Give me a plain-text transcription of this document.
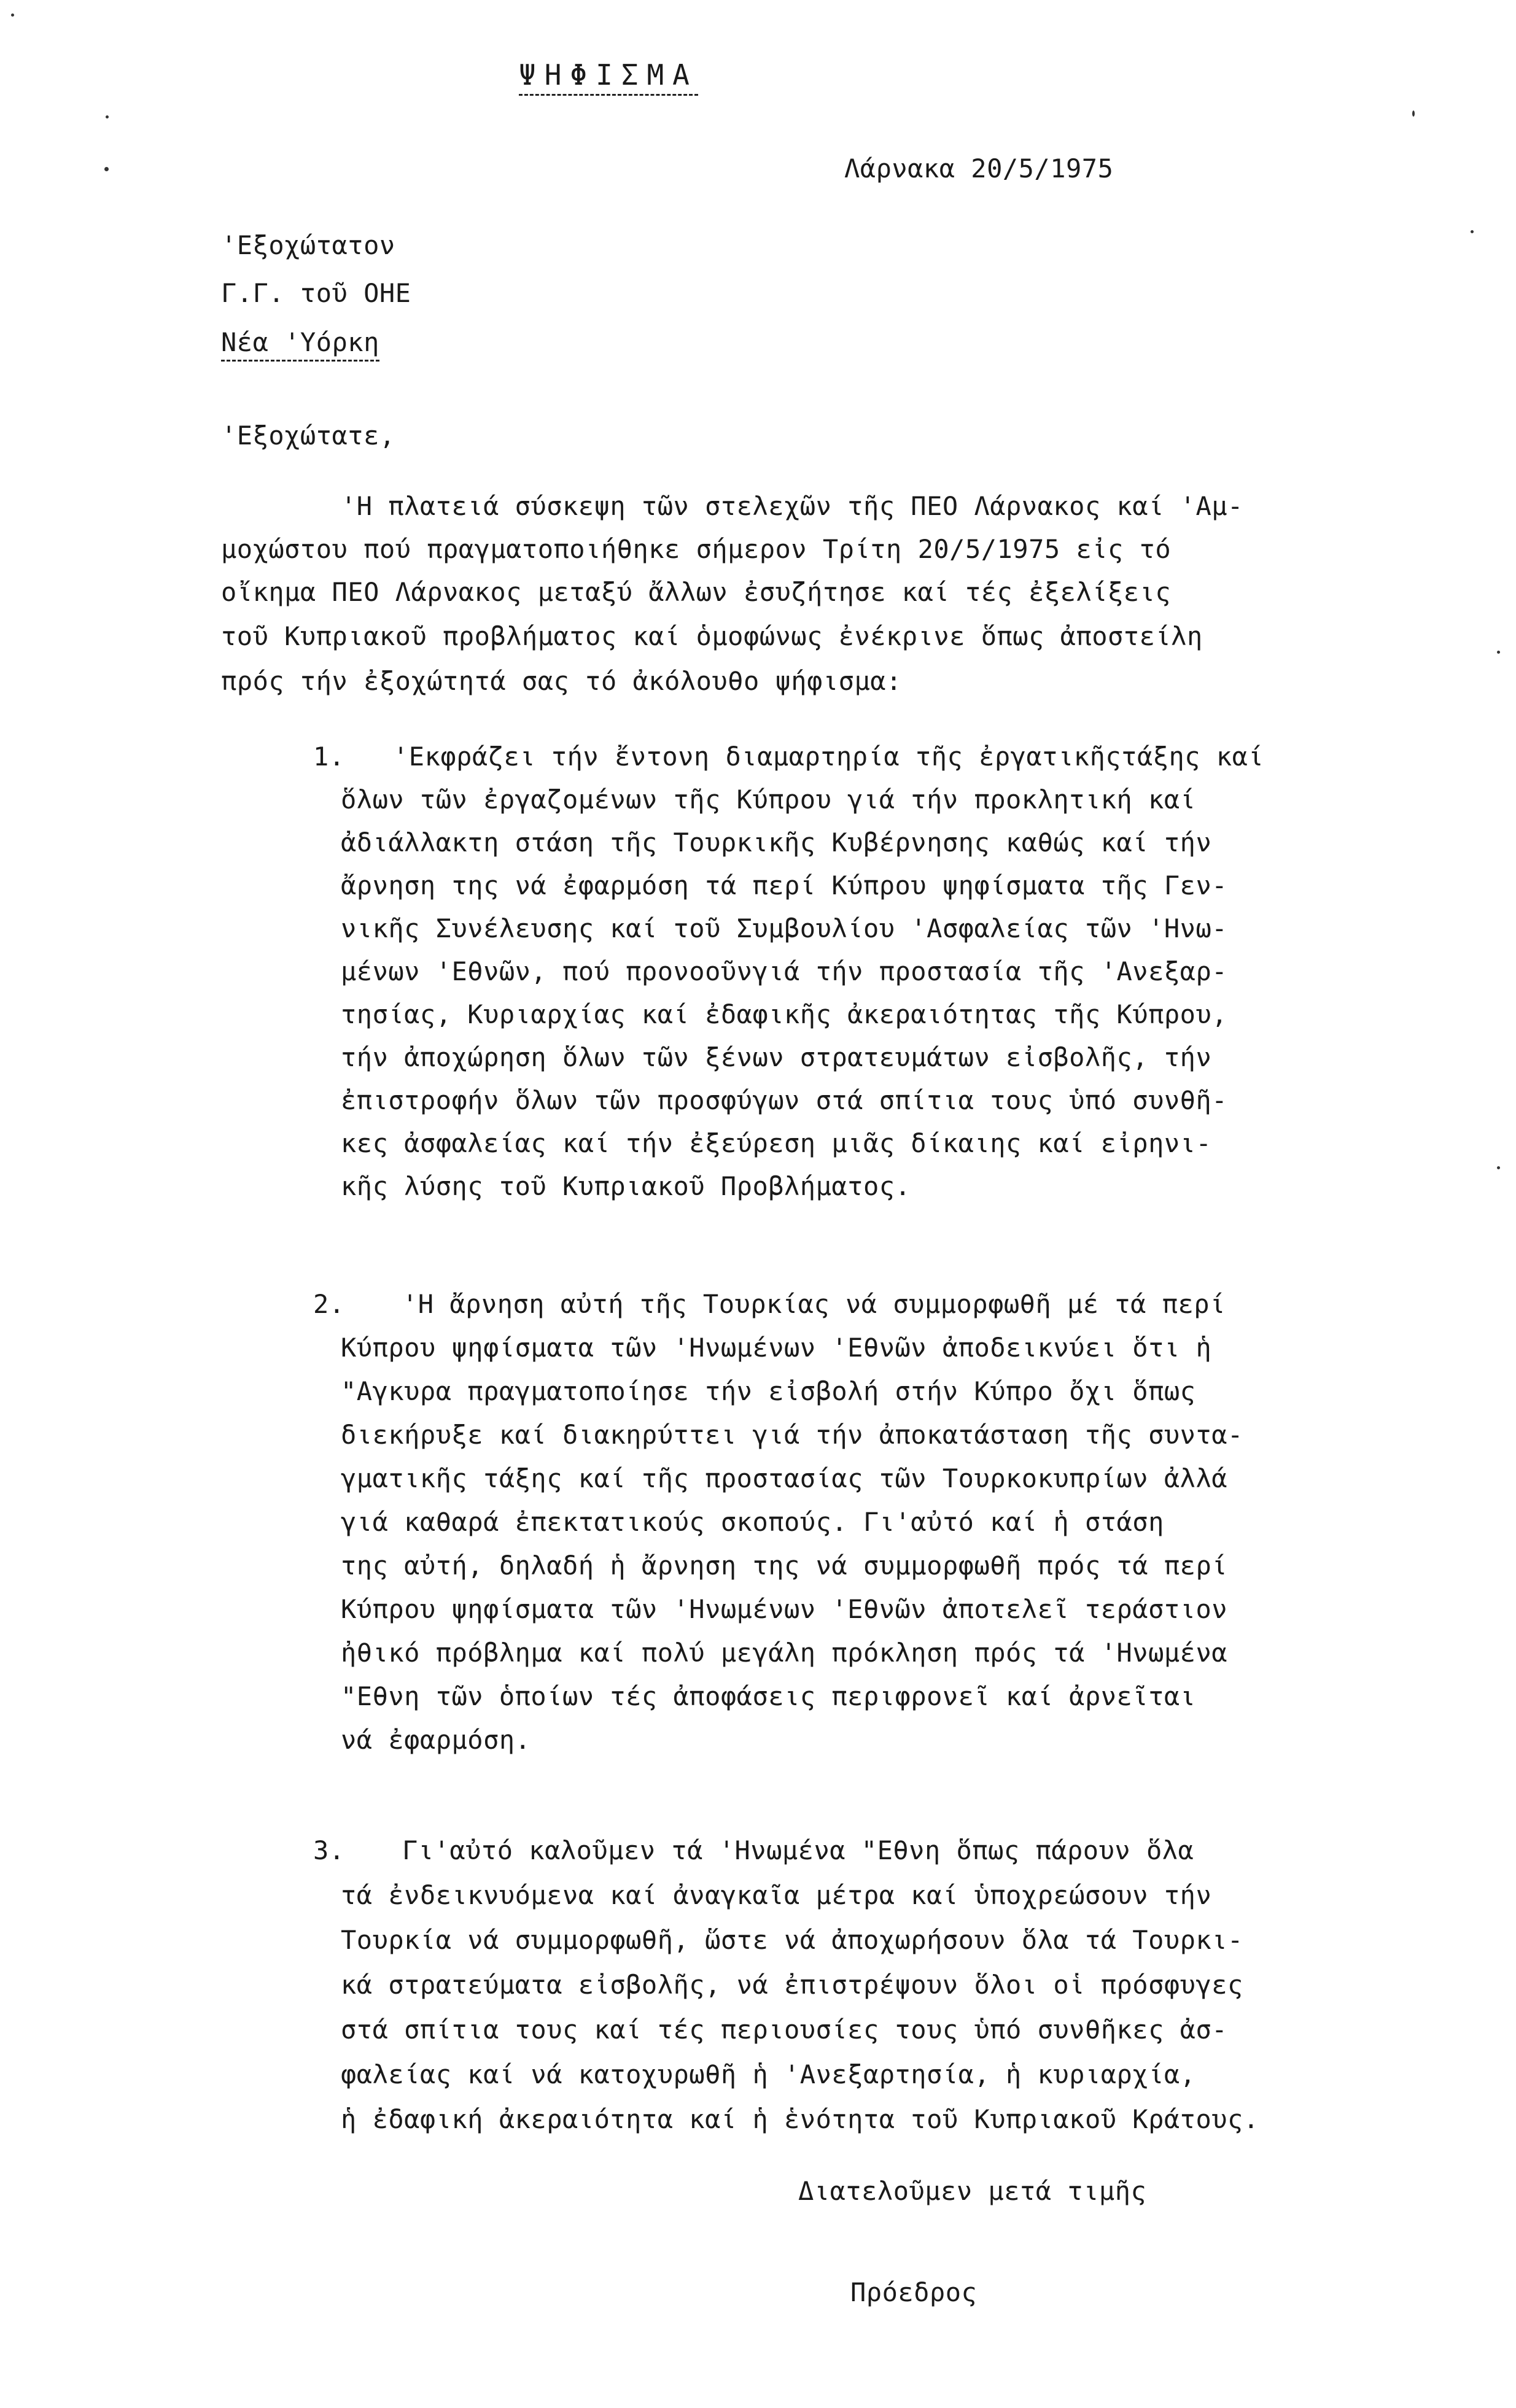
ΨΗΦΙΣΜΑ
Λάρνακα 20/5/1975
'Εξοχώτατον
Γ.Γ. τοῦ ΟΗΕ
Νέα 'Υόρκη
'Εξοχώτατε,
'Η πλατειά σύσκεψη τῶν στελεχῶν τῆς ΠΕΟ Λάρνακος καί 'Αμ-
μοχώστου πού πραγματοποιήθηκε σήμερον Τρίτη 20/5/1975 εἰς τό
οἴκημα ΠΕΟ Λάρνακος μεταξύ ἄλλων ἐσυζήτησε καί τές ἐξελίξεις
τοῦ Κυπριακοῦ προβλήματος καί ὁμοφώνως ἐνέκρινε ὅπως ἀποστείλη
πρός τήν ἐξοχώτητά σας τό ἀκόλουθο ψήφισμα:
1. 'Εκφράζει τήν ἔντονη διαμαρτηρία τῆς ἐργατικῆςτάξης καί
ὅλων τῶν ἐργαζομένων τῆς Κύπρου γιά τήν προκλητική καί
ἀδιάλλακτη στάση τῆς Τουρκικῆς Κυβέρνησης καθώς καί τήν
ἄρνηση της νά ἐφαρμόση τά περί Κύπρου ψηφίσματα τῆς Γεν-
νικῆς Συνέλευσης καί τοῦ Συμβουλίου 'Ασφαλείας τῶν 'Ηνω-
μένων 'Εθνῶν, πού προνοοῦνγιά τήν προστασία τῆς 'Ανεξαρ-
τησίας, Κυριαρχίας καί ἐδαφικῆς ἀκεραιότητας τῆς Κύπρου,
τήν ἀποχώρηση ὅλων τῶν ξένων στρατευμάτων εἰσβολῆς, τήν
ἐπιστροφήν ὅλων τῶν προσφύγων στά σπίτια τους ὑπό συνθῆ-
κες ἀσφαλείας καί τήν ἐξεύρεση μιᾶς δίκαιης καί εἰρηνι-
κῆς λύσης τοῦ Κυπριακοῦ Προβλήματος.
2. 'Η ἄρνηση αὐτή τῆς Τουρκίας νά συμμορφωθῆ μέ τά περί
Κύπρου ψηφίσματα τῶν 'Ηνωμένων 'Εθνῶν ἀποδεικνύει ὅτι ἡ
"Αγκυρα πραγματοποίησε τήν εἰσβολή στήν Κύπρο ὄχι ὅπως
διεκήρυξε καί διακηρύττει γιά τήν ἀποκατάσταση τῆς συντα-
γματικῆς τάξης καί τῆς προστασίας τῶν Τουρκοκυπρίων ἀλλά
γιά καθαρά ἐπεκτατικούς σκοπούς. Γι'αὐτό καί ἡ στάση
της αὐτή, δηλαδή ἡ ἄρνηση της νά συμμορφωθῆ πρός τά περί
Κύπρου ψηφίσματα τῶν 'Ηνωμένων 'Εθνῶν ἀποτελεῖ τεράστιον
ἠθικό πρόβλημα καί πολύ μεγάλη πρόκληση πρός τά 'Ηνωμένα
"Εθνη τῶν ὁποίων τές ἀποφάσεις περιφρονεῖ καί ἀρνεῖται
νά ἐφαρμόση.
3. Γι'αὐτό καλοῦμεν τά 'Ηνωμένα "Εθνη ὅπως πάρουν ὅλα
τά ἐνδεικνυόμενα καί ἀναγκαῖα μέτρα καί ὑποχρεώσουν τήν
Τουρκία νά συμμορφωθῆ, ὥστε νά ἀποχωρήσουν ὅλα τά Τουρκι-
κά στρατεύματα εἰσβολῆς, νά ἐπιστρέψουν ὅλοι οἱ πρόσφυγες
στά σπίτια τους καί τές περιουσίες τους ὑπό συνθῆκες ἀσ-
φαλείας καί νά κατοχυρωθῆ ἡ 'Ανεξαρτησία, ἡ κυριαρχία,
ἡ ἐδαφική ἀκεραιότητα καί ἡ ἑνότητα τοῦ Κυπριακοῦ Κράτους.
Διατελοῦμεν μετά τιμῆς
Πρόεδρος
